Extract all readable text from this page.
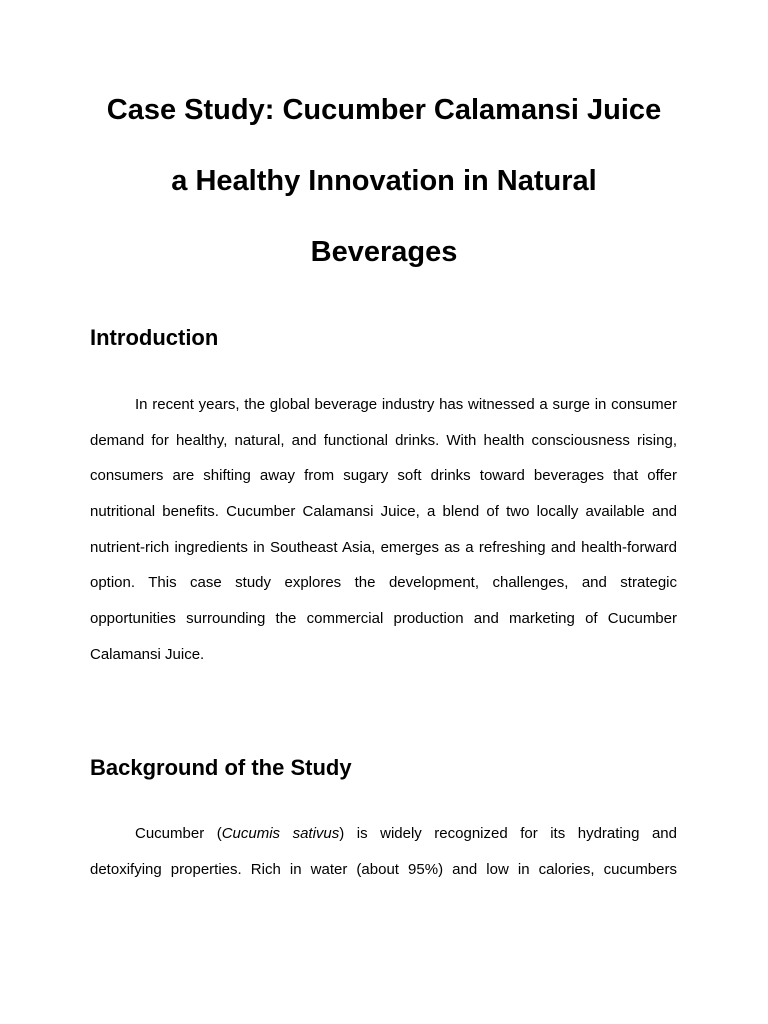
Case Study: Cucumber Calamansi Juice
a Healthy Innovation in Natural
Beverages
Introduction
In recent years, the global beverage industry has witnessed a surge in consumer
demand for healthy, natural, and functional drinks. With health consciousness rising,
consumers are shifting away from sugary soft drinks toward beverages that offer
nutritional benefits. Cucumber Calamansi Juice, a blend of two locally available and
nutrient-rich ingredients in Southeast Asia, emerges as a refreshing and health-forward
option. This case study explores the development, challenges, and strategic
opportunities surrounding the commercial production and marketing of Cucumber
Calamansi Juice.
Background of the Study
Cucumber (Cucumis sativus) is widely recognized for its hydrating and
detoxifying properties. Rich in water (about 95%) and low in calories, cucumbers
